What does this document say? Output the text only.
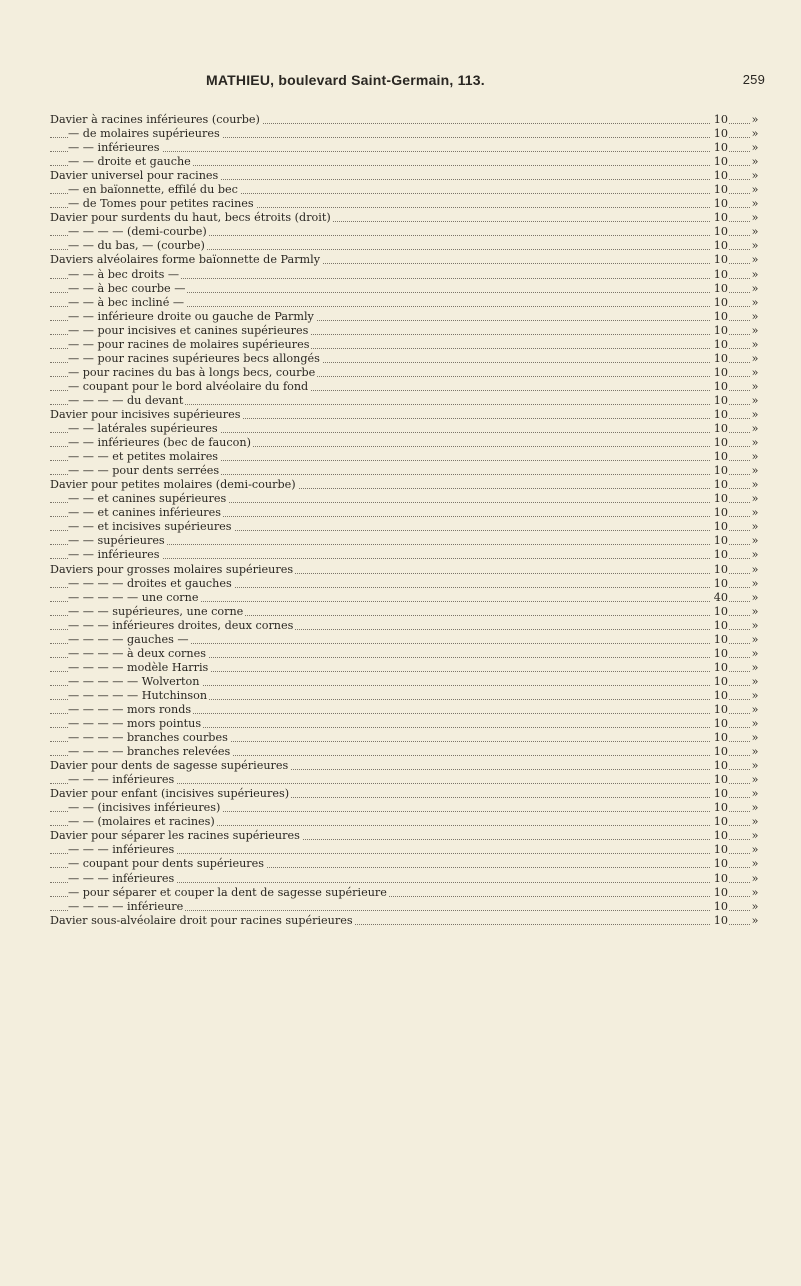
MATHIEU, boulevard Saint-Germain, 113.	259
Davier à racines inférieures (courbe)	10	»
— de molaires supérieures	10	»
— — inférieures	10	»
— — droite et gauche	10	»
Davier universel pour racines	10	»
— en baïonnette, effilé du bec	10	»
— de Tomes pour petites racines	10	»
Davier pour surdents du haut, becs étroits (droit)	10	»
— — — — (demi-courbe)	10	»
— — du bas, — (courbe)	10	»
Daviers alvéolaires forme baïonnette de Parmly	10	»
— — à bec droits —	10	»
— — à bec courbe —	10	»
— — à bec incliné —	10	»
— — inférieure droite ou gauche de Parmly	10	»
— — pour incisives et canines supérieures	10	»
— — pour racines de molaires supérieures	10	»
— — pour racines supérieures becs allongés	10	»
— pour racines du bas à longs becs, courbe	10	»
— coupant pour le bord alvéolaire du fond	10	»
— — — — du devant	10	»
Davier pour incisives supérieures	10	»
— — latérales supérieures	10	»
— — inférieures (bec de faucon)	10	»
— — — et petites molaires	10	»
— — — pour dents serrées	10	»
Davier pour petites molaires (demi-courbe)	10	»
— — et canines supérieures	10	»
— — et canines inférieures	10	»
— — et incisives supérieures	10	»
— — supérieures	10	»
— — inférieures	10	»
Daviers pour grosses molaires supérieures	10	»
— — — — droites et gauches	10	»
— — — — — une corne	40	»
— — — supérieures, une corne	10	»
— — — inférieures droites, deux cornes	10	»
— — — — gauches —	10	»
— — — — à deux cornes	10	»
— — — — modèle Harris	10	»
— — — — — Wolverton	10	»
— — — — — Hutchinson	10	»
— — — — mors ronds	10	»
— — — — mors pointus	10	»
— — — — branches courbes	10	»
— — — — branches relevées	10	»
Davier pour dents de sagesse supérieures	10	»
— — — inférieures	10	»
Davier pour enfant (incisives supérieures)	10	»
— — (incisives inférieures)	10	»
— — (molaires et racines)	10	»
Davier pour séparer les racines supérieures	10	»
— — — inférieures	10	»
— coupant pour dents supérieures	10	»
— — — inférieures	10	»
— pour séparer et couper la dent de sagesse supérieure	10	»
— — — — inférieure	10	»
Davier sous-alvéolaire droit pour racines supérieures	10	»
